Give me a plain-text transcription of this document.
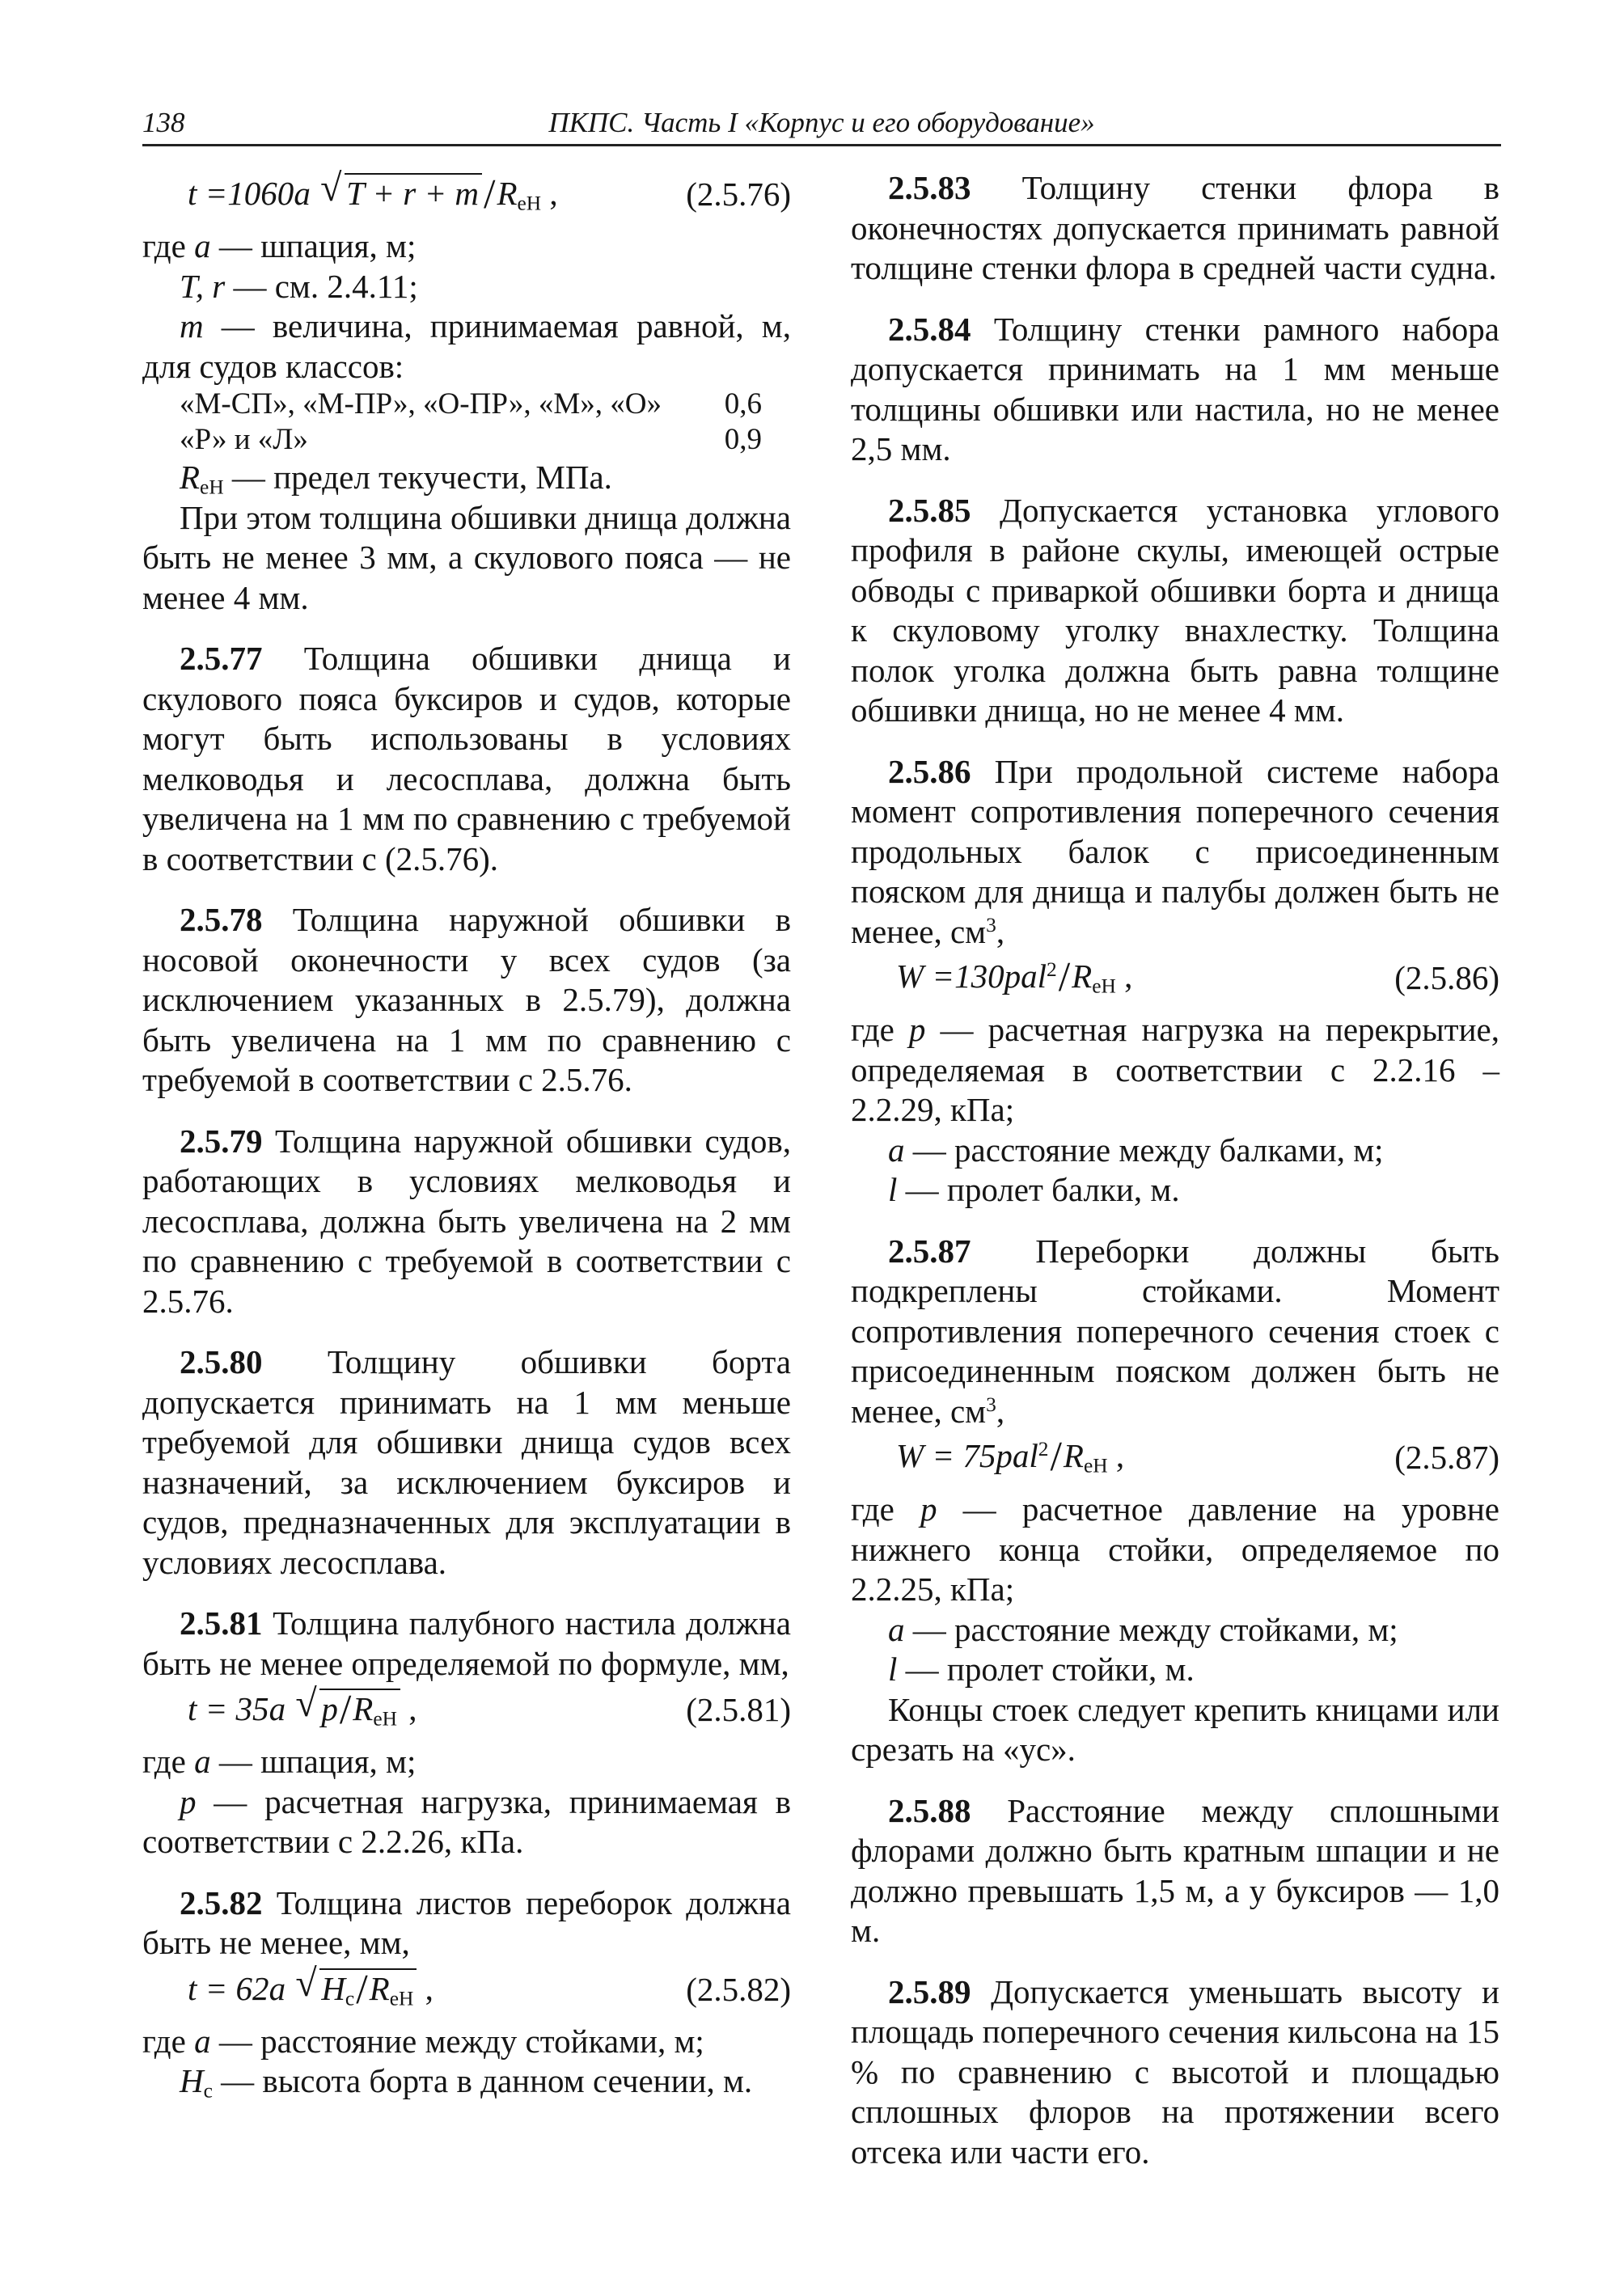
138	ПКПС. Часть I «Корпус и его оборудование»
t =1060a √ T + r + m $/R_{eH}$ ,	(2.5.76)

где a — шпация, м;

T, r — см. 2.4.11;

m — величина, принимаемая равной, м, для судов классов:

«М-СП», «М-ПР», «О-ПР», «М», «О» 0,6
«Р» и «Л»	0,9

$R_{eH}$ — предел текучести, МПа.

При этом толщина обшивки днища должна быть не менее 3 мм, а скулового пояса — не менее 4 мм.

2.5.77 Толщина обшивки днища и скулового пояса буксиров и судов, которые могут быть использованы в условиях мелководья и лесосплава, должна быть увеличена на 1 мм по сравнению с требуемой в соответствии с (2.5.76).

2.5.78 Толщина наружной обшивки в носовой оконечности у всех судов (за исключением указанных в 2.5.79), должна быть увеличена на 1 мм по сравнению с требуемой в соответствии с 2.5.76.

2.5.79 Толщина наружной обшивки судов, работающих в условиях мелководья и лесосплава, должна быть увеличена на 2 мм по сравнению с требуемой в соответствии с 2.5.76.

2.5.80 Толщину обшивки борта допускается принимать на 1 мм меньше требуемой для обшивки днища судов всех назначений, за исключением буксиров и судов, предназначенных для эксплуатации в условиях лесосплава.

2.5.81 Толщина палубного настила должна быть не менее определяемой по формуле, мм,

t = 35a √ $p/R_{eH}$ ,	(2.5.81)

где a — шпация, м;

p — расчетная нагрузка, принимаемая в соответствии с 2.2.26, кПа.

2.5.82 Толщина листов переборок должна быть не менее, мм,

t = 62a √ $H_c/R_{eH}$ ,	(2.5.82)

где a — расстояние между стойками, м;

$H_c$ — высота борта в данном сечении, м.

2.5.83 Толщину стенки флора в оконечностях допускается принимать равной толщине стенки флора в средней части судна.

2.5.84 Толщину стенки рамного набора допускается принимать на 1 мм меньше толщины обшивки или настила, но не менее 2,5 мм.

2.5.85 Допускается установка углового профиля в районе скулы, имеющей острые обводы с приваркой обшивки борта и днища к скуловому уголку внахлестку. Толщина полок уголка должна быть равна толщине обшивки днища, но не менее 4 мм.

2.5.86 При продольной системе набора момент сопротивления поперечного сечения продольных балок с присоединенным пояском для днища и палубы должен быть не менее, $см^3$,

$W =130pal^2/R_{eH}$ ,	(2.5.86)

где p — расчетная нагрузка на перекрытие, определяемая в соответствии с 2.2.16 – 2.2.29, кПа;

a — расстояние между балками, м;

l — пролет балки, м.

2.5.87 Переборки должны быть подкреплены стойками. Момент сопротивления поперечного сечения стоек с присоединенным пояском должен быть не менее, $см^3$,

$W = 75pal^2/R_{eH}$ ,	(2.5.87)

где p — расчетное давление на уровне нижнего конца стойки, определяемое по 2.2.25, кПа;

a — расстояние между стойками, м;

l — пролет стойки, м.

Концы стоек следует крепить кницами или срезать на «ус».

2.5.88 Расстояние между сплошными флорами должно быть кратным шпации и не должно превышать 1,5 м, а у буксиров — 1,0 м.

2.5.89 Допускается уменьшать высоту и площадь поперечного сечения кильсона на 15 % по сравнению с высотой и площадью сплошных флоров на протяжении всего отсека или части его.
